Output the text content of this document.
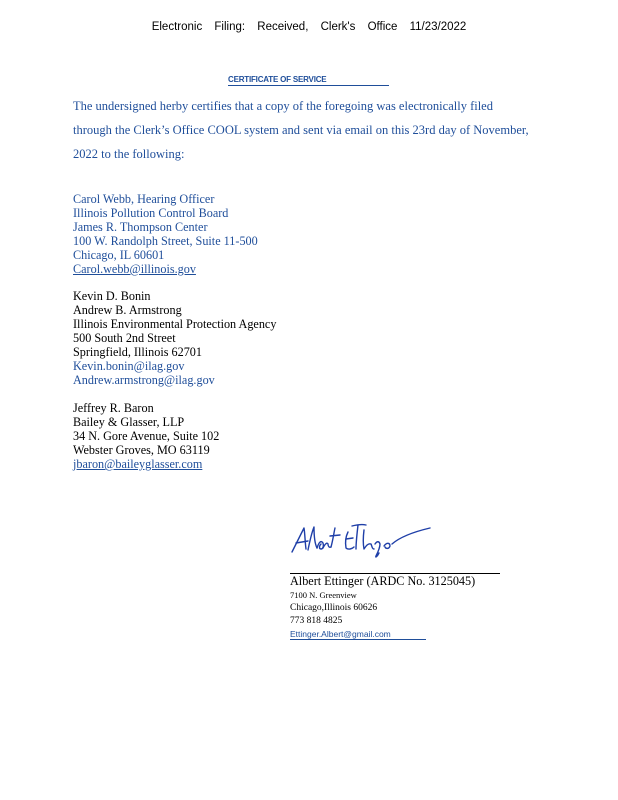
Electronic Filing: Received, Clerk's Office 11/23/2022
CERTIFICATE OF SERVICE
The undersigned herby certifies that a copy of the foregoing was electronically filed
through the Clerk’s Office COOL system and sent via email on this 23rd day of November,
2022 to the following:
Carol Webb, Hearing Officer
Illinois Pollution Control Board
James R. Thompson Center
100 W. Randolph Street, Suite 11-500
Chicago, IL 60601
Carol.webb@illinois.gov
Kevin D. Bonin
Andrew B. Armstrong
Illinois Environmental Protection Agency
500 South 2nd Street
Springfield, Illinois 62701
Kevin.bonin@ilag.gov
Andrew.armstrong@ilag.gov
Jeffrey R. Baron
Bailey & Glasser, LLP
34 N. Gore Avenue, Suite 102
Webster Groves, MO 63119
jbaron@baileyglasser.com
Albert Ettinger (ARDC No. 3125045)
7100 N. Greenview
Chicago,Illinois 60626
773 818 4825
Ettinger.Albert@gmail.com
